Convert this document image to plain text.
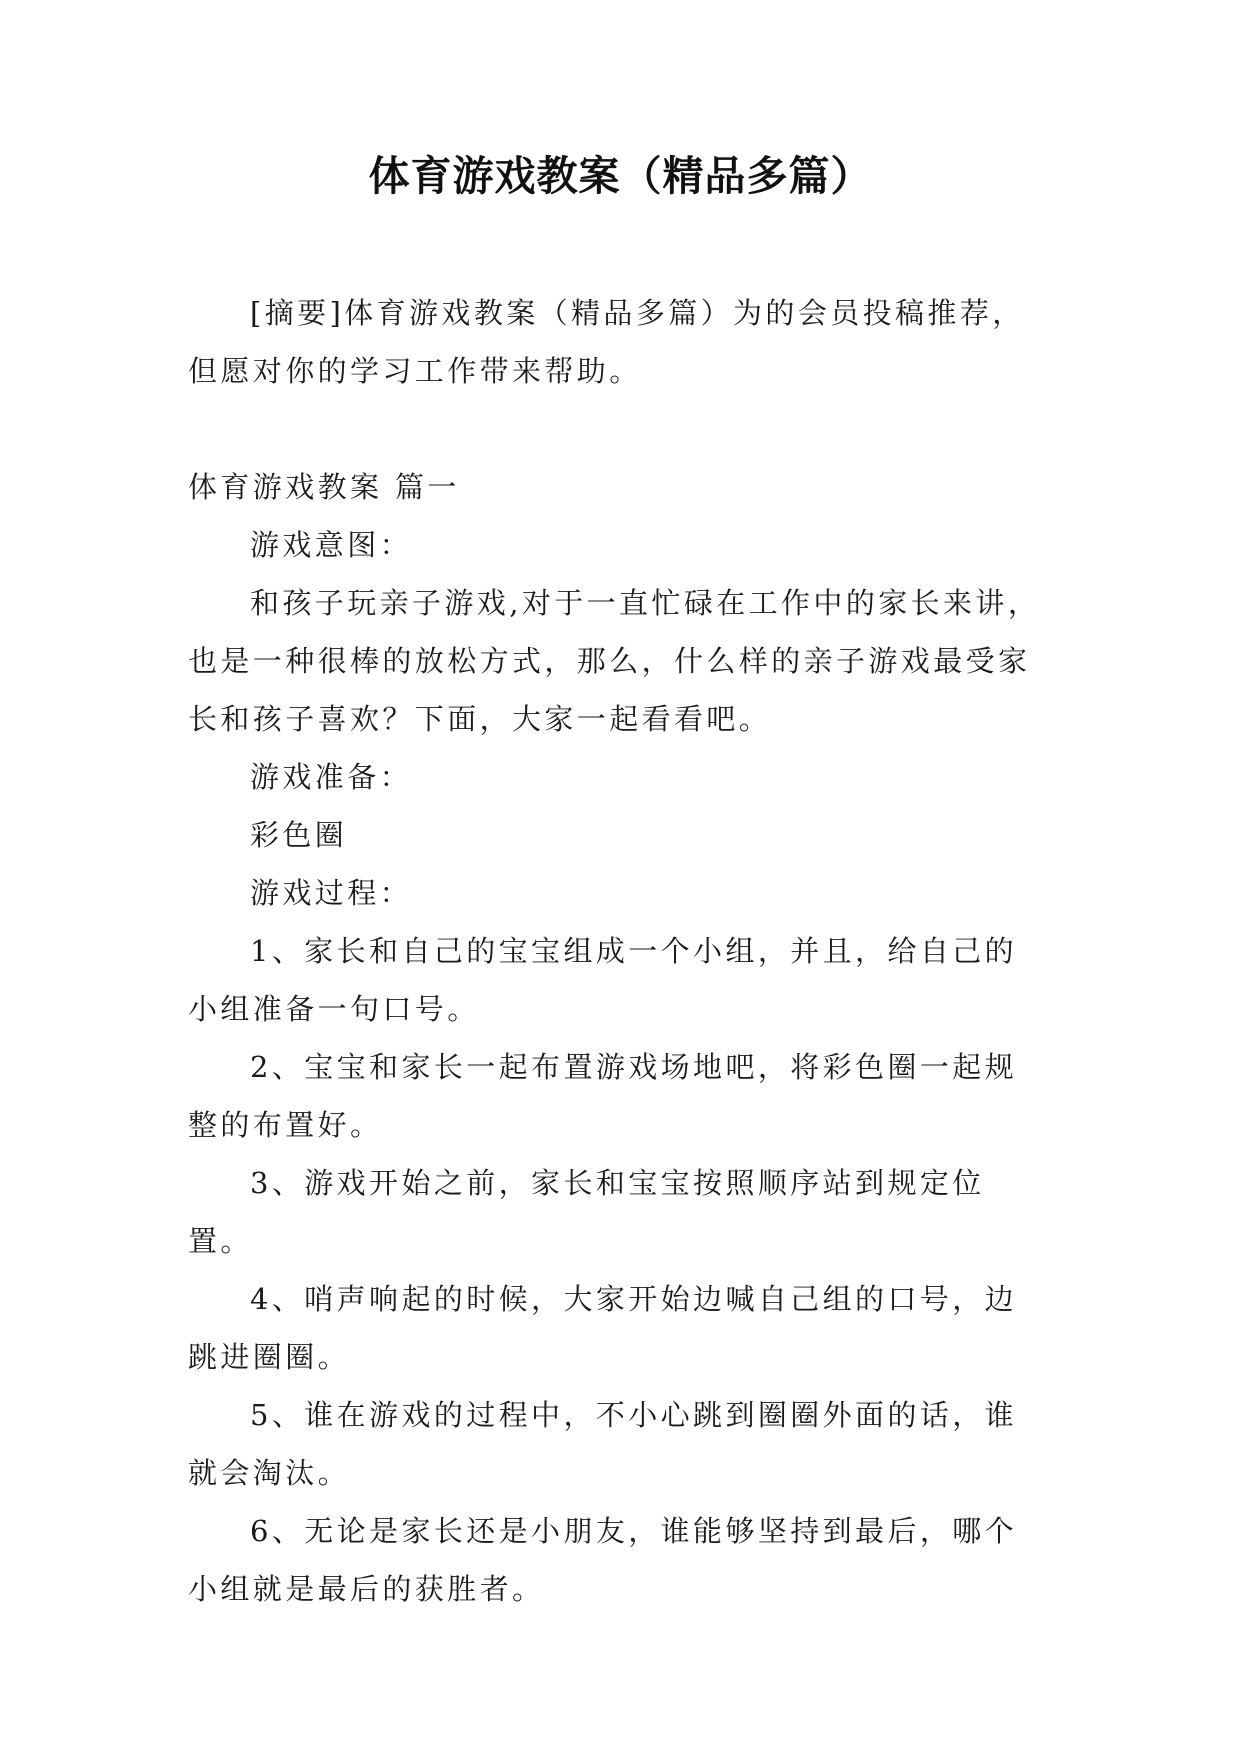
体育游戏教案（精品多篇）

[摘要]体育游戏教案（精品多篇）为的会员投稿推荐，但愿对你的学习工作带来帮助。

体育游戏教案 篇一

游戏意图：

和孩子玩亲子游戏,对于一直忙碌在工作中的家长来讲，也是一种很棒的放松方式，那么，什么样的亲子游戏最受家长和孩子喜欢？下面，大家一起看看吧。

游戏准备：

彩色圈

游戏过程：

1、家长和自己的宝宝组成一个小组，并且，给自己的小组准备一句口号。

2、宝宝和家长一起布置游戏场地吧，将彩色圈一起规整的布置好。

3、游戏开始之前，家长和宝宝按照顺序站到规定位置。

4、哨声响起的时候，大家开始边喊自己组的口号，边跳进圈圈。

5、谁在游戏的过程中，不小心跳到圈圈外面的话，谁就会淘汰。

6、无论是家长还是小朋友，谁能够坚持到最后，哪个小组就是最后的获胜者。
